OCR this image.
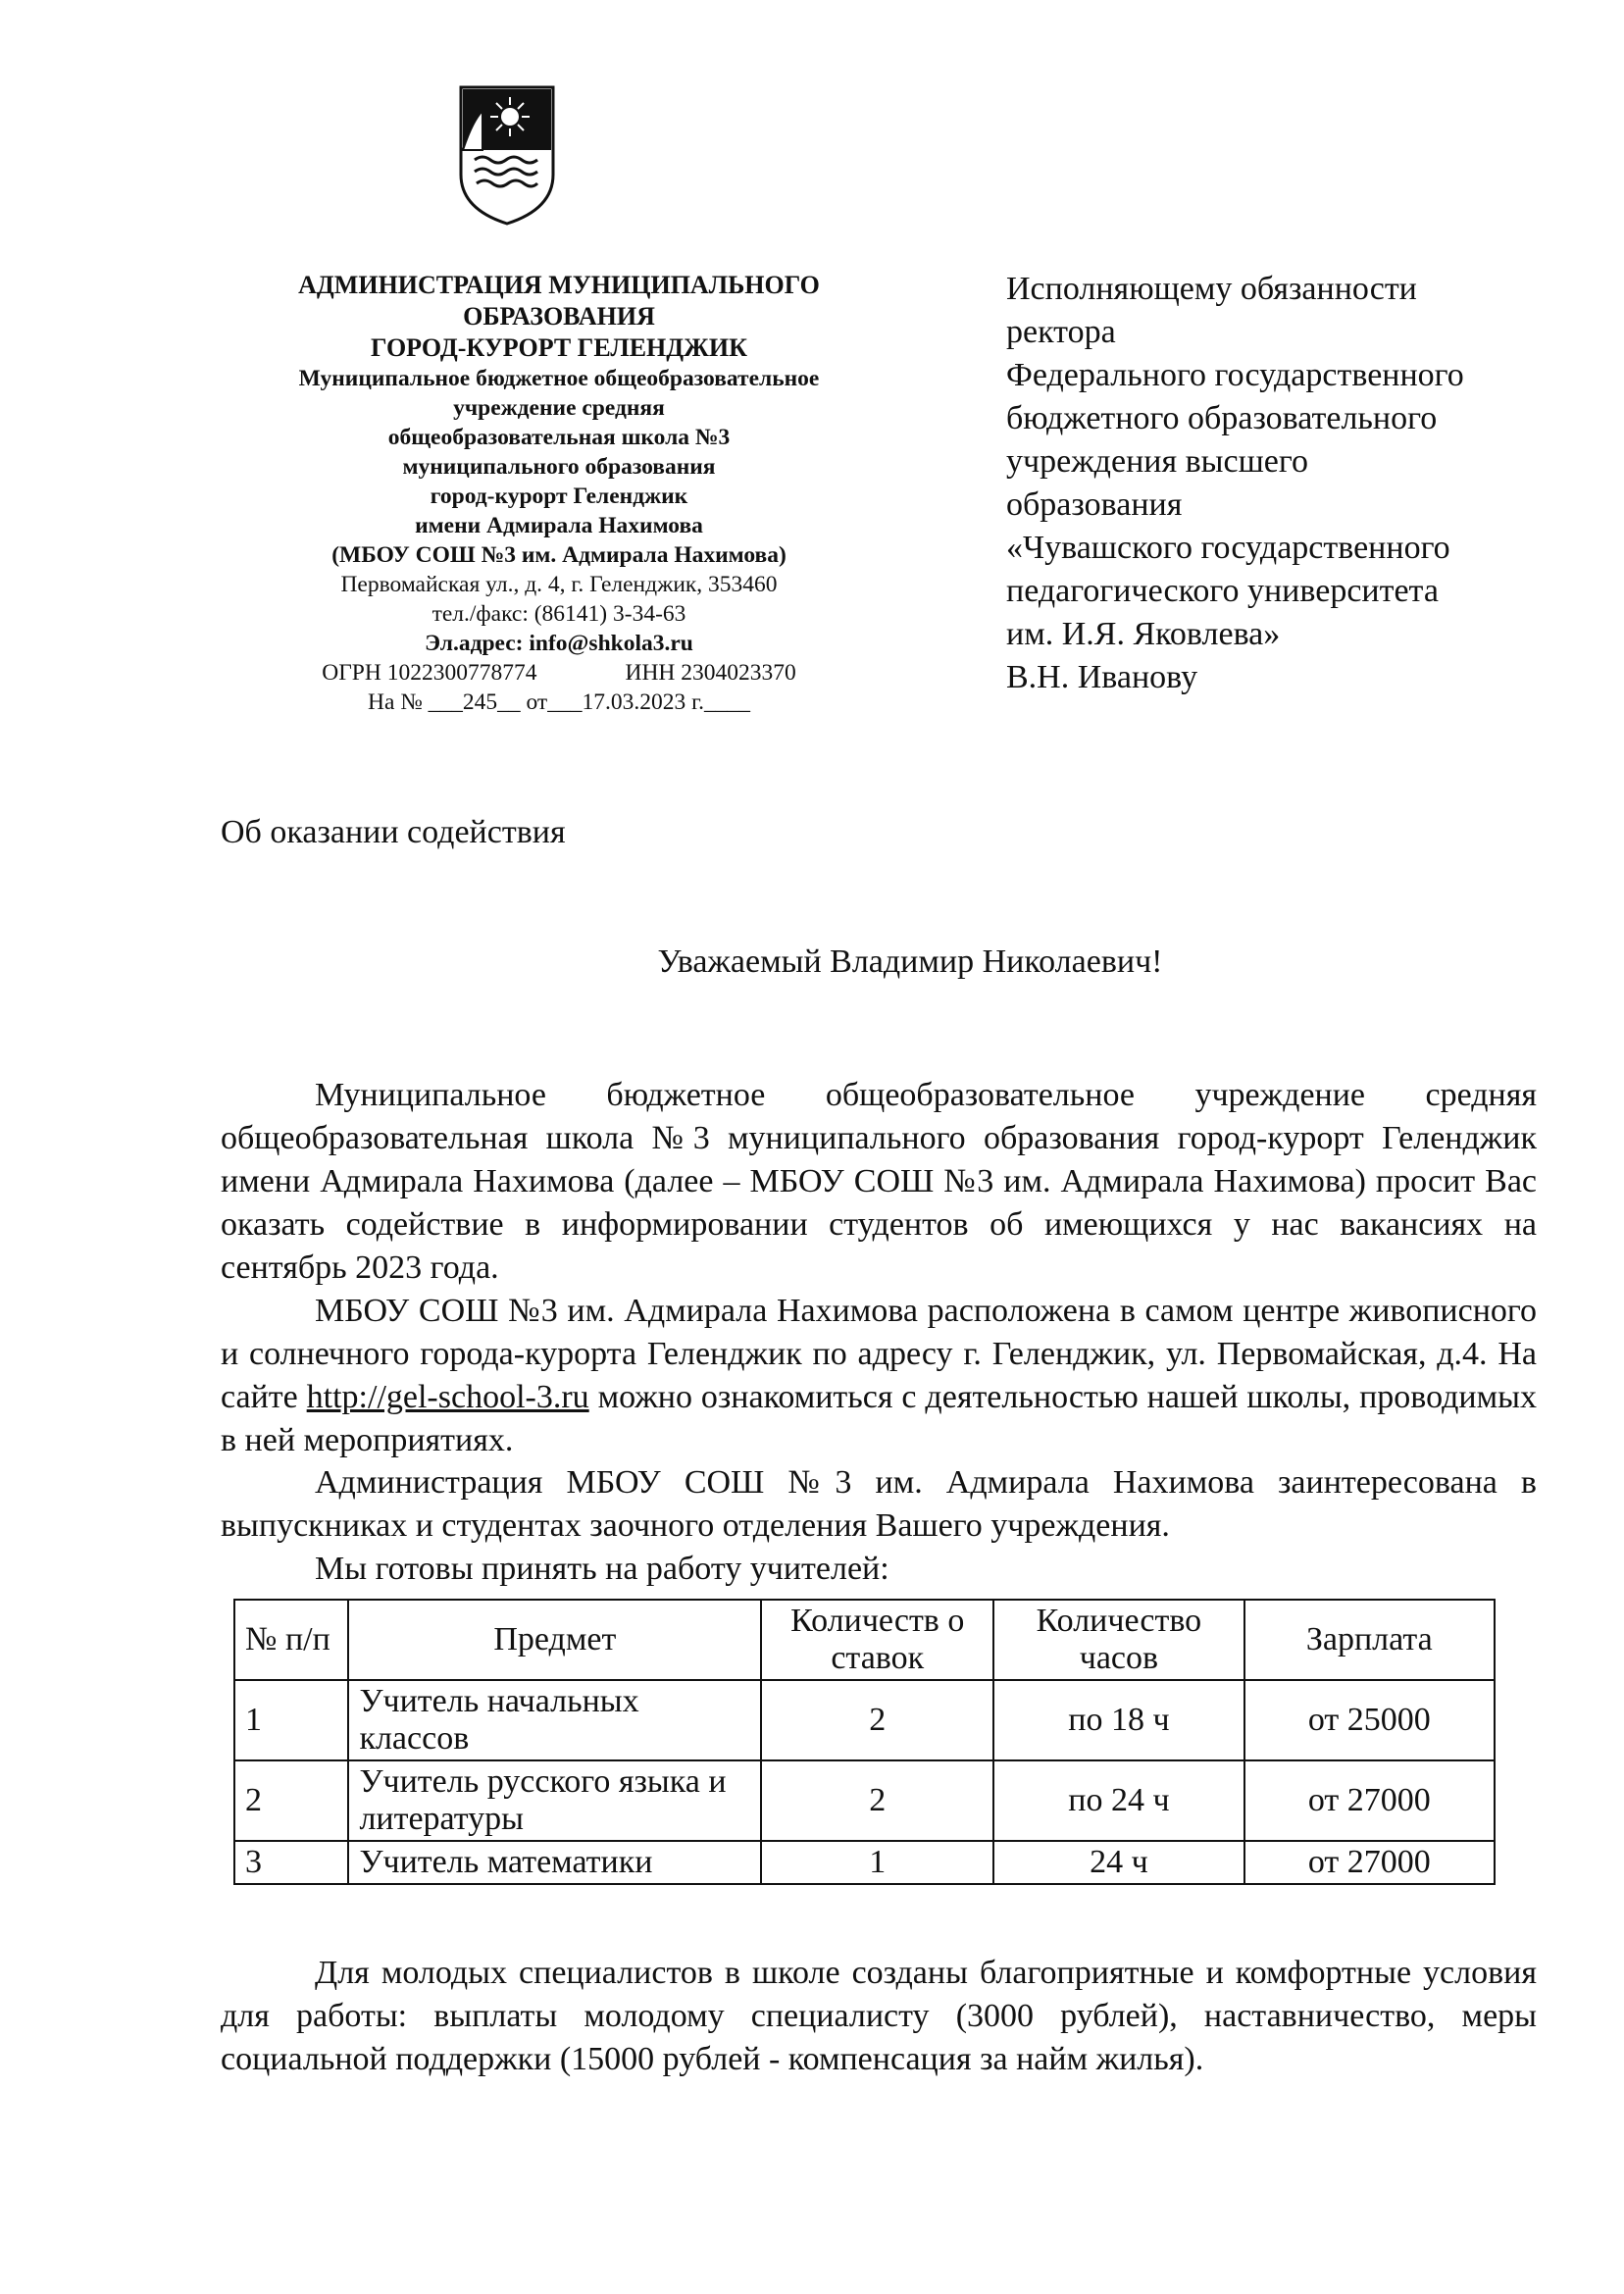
АДМИНИСТРАЦИЯ МУНИЦИПАЛЬНОГО
ОБРАЗОВАНИЯ
ГОРОД-КУРОРТ ГЕЛЕНДЖИК
Муниципальное бюджетное общеобразовательное
учреждение средняя
общеобразовательная школа №3
муниципального образования
город-курорт Геленджик
имени Адмирала Нахимова
(МБОУ СОШ №3 им. Адмирала Нахимова)
Первомайская ул., д. 4, г. Геленджик, 353460
тел./факс: (86141) 3-34-63
Эл.адрес: info@shkola3.ru
ОГРН 1022300778774	ИНН 2304023370
На № ___245__ от___17.03.2023 г.____
Исполняющему обязанности
ректора
Федерального государственного
бюджетного образовательного
учреждения высшего
образования
«Чувашского государственного
педагогического университета
им. И.Я. Яковлева»
В.Н. Иванову
Об оказании содействия
Уважаемый Владимир Николаевич!
Муниципальное бюджетное общеобразовательное учреждение средняя общеобразовательная школа №3 муниципального образования город-курорт Геленджик имени Адмирала Нахимова (далее – МБОУ СОШ №3 им. Адмирала Нахимова) просит Вас оказать содействие в информировании студентов об имеющихся у нас вакансиях на сентябрь 2023 года.
МБОУ СОШ №3 им. Адмирала Нахимова расположена в самом центре живописного и солнечного города-курорта Геленджик по адресу г. Геленджик, ул. Первомайская, д.4. На сайте http://gel-school-3.ru можно ознакомиться с деятельностью нашей школы, проводимых в ней мероприятиях.
Администрация МБОУ СОШ №3 им. Адмирала Нахимова заинтересована в выпускниках и студентах заочного отделения Вашего учреждения.
Мы готовы принять на работу учителей:
№ п/п	Предмет	Количеств о ставок	Количество часов	Зарплата
1	Учитель начальных классов	2	по 18 ч	от 25000
2	Учитель русского языка и литературы	2	по 24 ч	от 27000
3	Учитель математики	1	24 ч	от 27000
Для молодых специалистов в школе созданы благоприятные и комфортные условия для работы: выплаты молодому специалисту (3000 рублей), наставничество, меры социальной поддержки (15000 рублей - компенсация за найм жилья).
